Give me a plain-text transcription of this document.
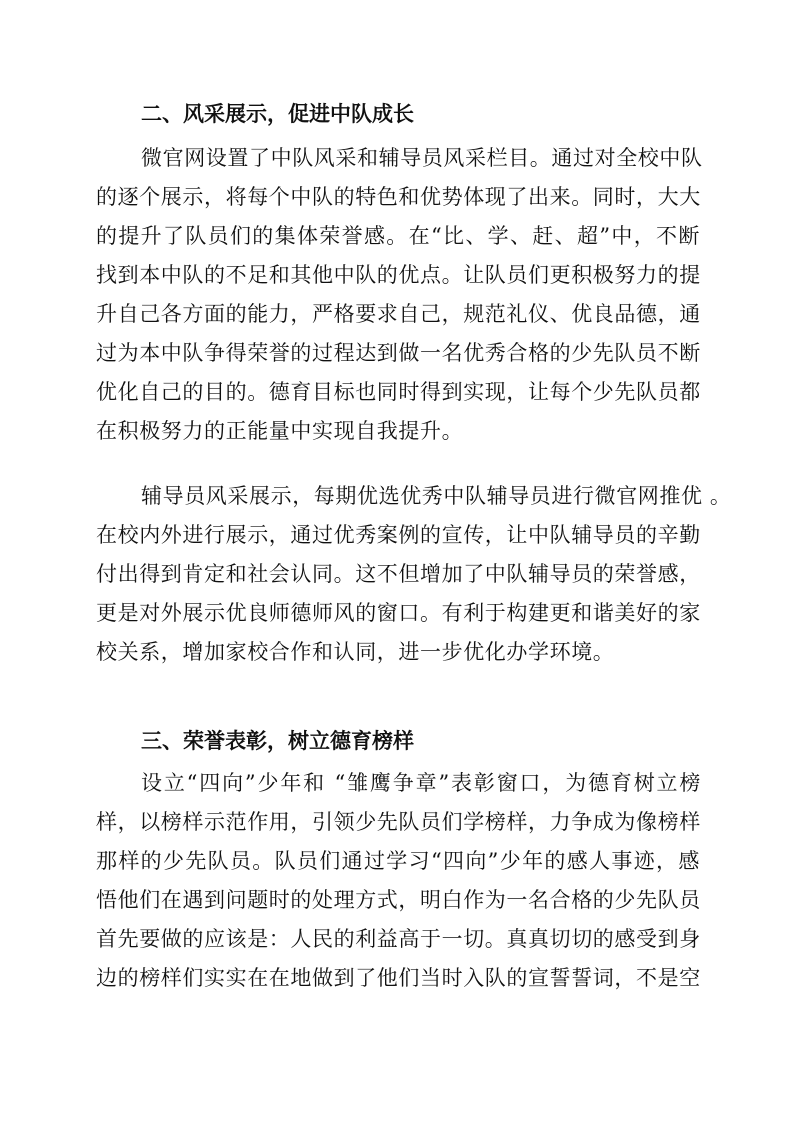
二、风采展示，促进中队成长
微官网设置了中队风采和辅导员风采栏目。通过对全校中队
的逐个展示，将每个中队的特色和优势体现了出来。同时，大大
的提升了队员们的集体荣誉感。在“比、学、赶、超”中，不断
找到本中队的不足和其他中队的优点。让队员们更积极努力的提
升自己各方面的能力，严格要求自己，规范礼仪、优良品德，通
过为本中队争得荣誉的过程达到做一名优秀合格的少先队员不断
优化自己的目的。德育目标也同时得到实现，让每个少先队员都
在积极努力的正能量中实现自我提升。
辅导员风采展示，每期优选优秀中队辅导员进行微官网推优 。
在校内外进行展示，通过优秀案例的宣传，让中队辅导员的辛勤
付出得到肯定和社会认同。这不但增加了中队辅导员的荣誉感，
更是对外展示优良师德师风的窗口。有利于构建更和谐美好的家
校关系，增加家校合作和认同，进一步优化办学环境。
三、荣誉表彰，树立德育榜样
设立“四向”少年和 “雏鹰争章”表彰窗口，为德育树立榜
样，以榜样示范作用，引领少先队员们学榜样，力争成为像榜样
那样的少先队员。队员们通过学习“四向”少年的感人事迹，感
悟他们在遇到问题时的处理方式，明白作为一名合格的少先队员
首先要做的应该是：人民的利益高于一切。真真切切的感受到身
边的榜样们实实在在地做到了他们当时入队的宣誓誓词，不是空
